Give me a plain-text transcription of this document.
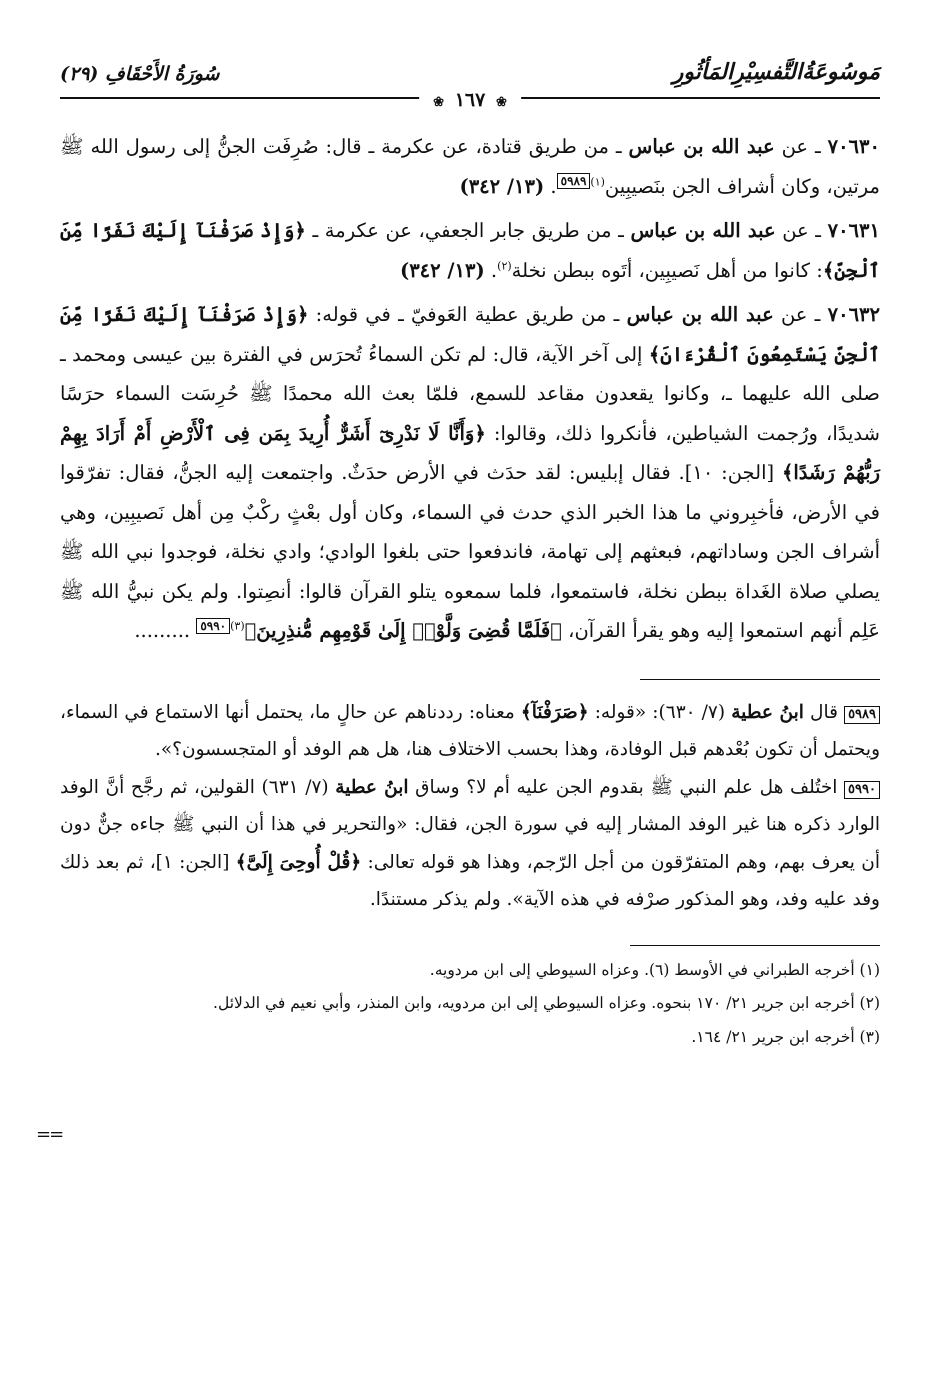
مَوسُوعَةُالتَّفسِيْرِالمَأثُورِ
❀ ١٦٧ ❀
سُورَةُ الأَحْقَافِ (٢٩)

٧٠٦٣٠ ـ عن عبد الله بن عباس ـ من طريق قتادة، عن عكرمة ـ قال: صُرِفَت الجنُّ إلى رسول الله ﷺ مرتين، وكان أشراف الجن بنَصيبِين$^{(١)}$٥٩٨٩. (١٣/ ٣٤٢)

٧٠٦٣١ ـ عن عبد الله بن عباس ـ من طريق جابر الجعفي، عن عكرمة ـ ﴿وَإِذْ صَرَفْنَآ إِلَيْكَ نَفَرًا مِّنَ ٱلْجِنِّ﴾: كانوا من أهل نَصيبِين، أتَوه ببطن نخلة$^{(٢)}$. (١٣/ ٣٤٢)

٧٠٦٣٢ ـ عن عبد الله بن عباس ـ من طريق عطية العَوفيّ ـ في قوله: ﴿وَإِذْ صَرَفْنَآ إِلَيْكَ نَفَرًا مِّنَ ٱلْجِنِّ يَسْتَمِعُونَ ٱلْقُرْءَانَ﴾ إلى آخر الآية، قال: لم تكن السماءُ تُحرَس في الفترة بين عيسى ومحمد ـ صلى الله عليهما ـ، وكانوا يقعدون مقاعد للسمع، فلمّا بعث الله محمدًا ﷺ حُرِسَت السماء حرَسًا شديدًا، ورُجمت الشياطين، فأنكروا ذلك، وقالوا: ﴿وَأَنَّا لَا نَدْرِىٓ أَشَرٌّ أُرِيدَ بِمَن فِى ٱلْأَرْضِ أَمْ أَرَادَ بِهِمْ رَبُّهُمْ رَشَدًا﴾ [الجن: ١٠]. فقال إبليس: لقد حدَث في الأرض حدَثٌ. واجتمعت إليه الجنُّ، فقال: تفرّقوا في الأرض، فأخبِروني ما هذا الخبر الذي حدث في السماء، وكان أول بعْثٍ ركْبٌ مِن أهل نَصيبِين، وهي أشراف الجن وساداتهم، فبعثهم إلى تهامة، فاندفعوا حتى بلغوا الوادي؛ وادي نخلة، فوجدوا نبي الله ﷺ يصلي صلاة الغَداة ببطن نخلة، فاستمعوا، فلما سمعوه يتلو القرآن قالوا: أنصِتوا. ولم يكن نبيُّ الله ﷺ عَلِم أنهم استمعوا إليه وهو يقرأ القرآن، ﴿فَلَمَّا قُضِىَ وَلَّوْا۟ إِلَىٰ قَوْمِهِم مُّنذِرِينَ﴾$^{(٣)}$٥٩٩٠ .........

٥٩٨٩ قال ابنُ عطية (٧/ ٦٣٠): «قوله: ﴿صَرَفْنَآ﴾ معناه: رددناهم عن حالٍ ما، يحتمل أنها الاستماع في السماء، ويحتمل أن تكون بُعْدهم قبل الوفادة، وهذا بحسب الاختلاف هنا، هل هم الوفد أو المتجسسون؟».

٥٩٩٠ اختُلف هل علم النبي ﷺ بقدوم الجن عليه أم لا؟ وساق ابنُ عطية (٧/ ٦٣١) القولين، ثم رجَّح أنَّ الوفد الوارد ذكره هنا غير الوفد المشار إليه في سورة الجن، فقال: «والتحرير في هذا أن النبي ﷺ جاءه جنٌّ دون أن يعرف بهم، وهم المتفرّقون من أجل الرّجم، وهذا هو قوله تعالى: ﴿قُلْ أُوحِىَ إِلَىَّ﴾ [الجن: ١]، ثم بعد ذلك وفد عليه وفد، وهو المذكور صرْفه في هذه الآية». ولم يذكر مستندًا.

(١) أخرجه الطبراني في الأوسط (٦). وعزاه السيوطي إلى ابن مردويه.

(٢) أخرجه ابن جرير ٢١/ ١٧٠ بنحوه. وعزاه السيوطي إلى ابن مردويه، وابن المنذر، وأبي نعيم في الدلائل.

(٣) أخرجه ابن جرير ٢١/ ١٦٤.

==
